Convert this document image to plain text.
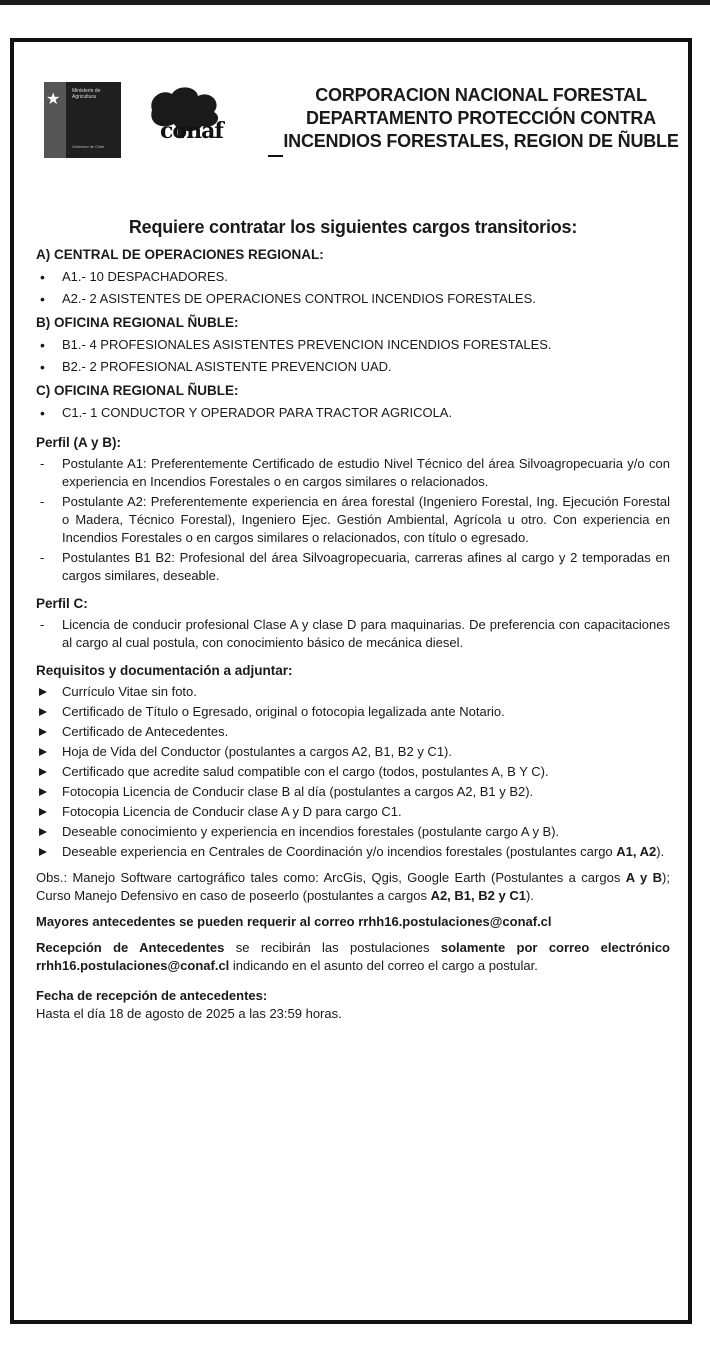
★ Ministerio de Agricultura
Gobierno de Chile
conaf
CORPORACION NACIONAL FORESTAL
DEPARTAMENTO PROTECCIÓN CONTRA
INCENDIOS FORESTALES, REGION DE ÑUBLE
Requiere contratar los siguientes cargos transitorios:
A) CENTRAL DE OPERACIONES REGIONAL:
• A1.- 10 DESPACHADORES.
• A2.- 2 ASISTENTES DE OPERACIONES CONTROL INCENDIOS FORESTALES.
B) OFICINA REGIONAL ÑUBLE:
• B1.- 4 PROFESIONALES ASISTENTES PREVENCION INCENDIOS FORESTALES.
• B2.- 2 PROFESIONAL ASISTENTE PREVENCION UAD.
C) OFICINA REGIONAL ÑUBLE:
• C1.- 1 CONDUCTOR Y OPERADOR PARA TRACTOR AGRICOLA.
Perfil (A y B):
- Postulante A1: Preferentemente Certificado de estudio Nivel Técnico del área Silvoagropecuaria y/o con experiencia en Incendios Forestales o en cargos similares o relacionados.
- Postulante A2: Preferentemente experiencia en área forestal (Ingeniero Forestal, Ing. Ejecución Forestal o Madera, Técnico Forestal), Ingeniero Ejec. Gestión Ambiental, Agrícola u otro. Con experiencia en Incendios Forestales o en cargos similares o relacionados, con título o egresado.
- Postulantes B1 B2: Profesional del área Silvoagropecuaria, carreras afines al cargo y 2 temporadas en cargos similares, deseable.
Perfil C:
- Licencia de conducir profesional Clase A y clase D para maquinarias. De preferencia con capacitaciones al cargo al cual postula, con conocimiento básico de mecánica diesel.
Requisitos y documentación a adjuntar:
Currículo Vitae sin foto.
Certificado de Título o Egresado, original o fotocopia legalizada ante Notario.
Certificado de Antecedentes.
Hoja de Vida del Conductor (postulantes a cargos A2, B1, B2 y C1).
Certificado que acredite salud compatible con el cargo (todos, postulantes A, B Y C).
Fotocopia Licencia de Conducir clase B al día (postulantes a cargos A2, B1 y B2).
Fotocopia Licencia de Conducir clase A y D para cargo C1.
Deseable conocimiento y experiencia en incendios forestales (postulante cargo A y B).
Deseable experiencia en Centrales de Coordinación y/o incendios forestales (postulantes cargo A1, A2).
Obs.: Manejo Software cartográfico tales como: ArcGis, Qgis, Google Earth (Postulantes a cargos A y B); Curso Manejo Defensivo en caso de poseerlo (postulantes a cargos A2, B1, B2 y C1).
Mayores antecedentes se pueden requerir al correo rrhh16.postulaciones@conaf.cl
Recepción de Antecedentes se recibirán las postulaciones solamente por correo electrónico rrhh16.postulaciones@conaf.cl indicando en el asunto del correo el cargo a postular.
Fecha de recepción de antecedentes:
Hasta el día 18 de agosto de 2025 a las 23:59 horas.
